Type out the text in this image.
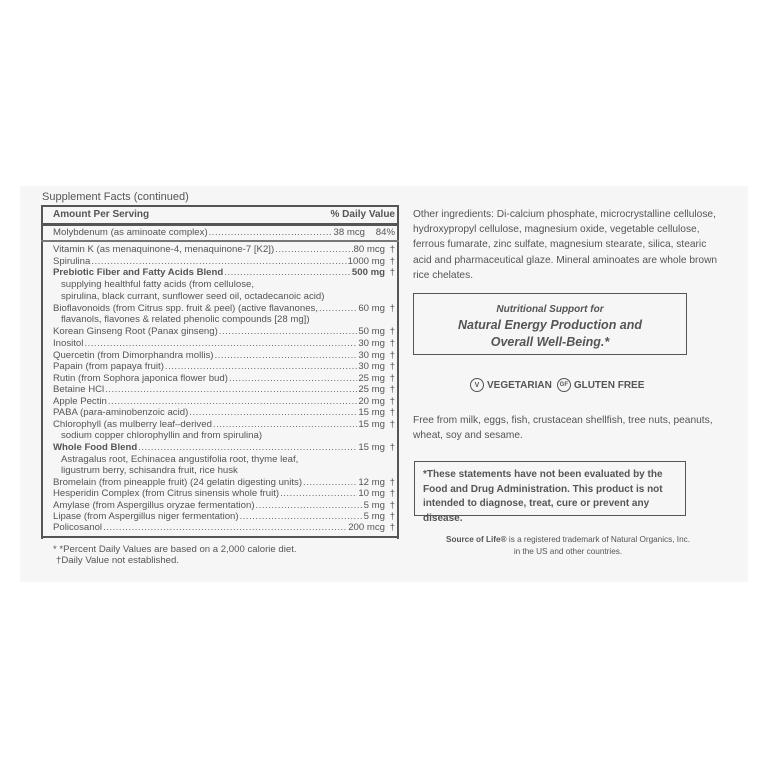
Supplement Facts (continued)
Amount Per Serving	% Daily Value
Molybdenum (as aminoate complex) .....	38 mcg	84%
Vitamin K (as menaquinone-4, menaquinone-7 [K2]) .....	80 mcg †
Spirulina .....	1000 mg †
Prebiotic Fiber and Fatty Acids Blend .....	500 mg †
supplying healthful fatty acids (from cellulose,
spirulina, black currant, sunflower seed oil, octadecanoic acid)
Bioflavonoids (from Citrus spp. fruit & peel) (active flavanones, .....	60 mg †
flavanols, flavones & related phenolic compounds [28 mg])
Korean Ginseng Root (Panax ginseng) .....	50 mg †
Inositol .....	30 mg †
Quercetin (from Dimorphandra mollis) .....	30 mg †
Papain (from papaya fruit) .....	30 mg †
Rutin (from Sophora japonica flower bud) .....	25 mg †
Betaine HCl .....	25 mg †
Apple Pectin .....	20 mg †
PABA (para-aminobenzoic acid) .....	15 mg †
Chlorophyll (as mulberry leaf–derived .....	15 mg †
sodium copper chlorophyllin and from spirulina)
Whole Food Blend .....	15 mg †
Astragalus root, Echinacea angustifolia root, thyme leaf,
ligustrum berry, schisandra fruit, rice husk
Bromelain (from pineapple fruit) (24 gelatin digesting units) .....	12 mg †
Hesperidin Complex (from Citrus sinensis whole fruit) .....	10 mg †
Amylase (from Aspergillus oryzae fermentation) .....	5 mg †
Lipase (from Aspergillus niger fermentation) .....	5 mg †
Policosanol .....	200 mcg †
* *Percent Daily Values are based on a 2,000 calorie diet.
†Daily Value not established.
Other ingredients: Di-calcium phosphate, microcrystalline cellulose, hydroxypropyl cellulose, magnesium oxide, vegetable cellulose, ferrous fumarate, zinc sulfate, magnesium stearate, silica, stearic acid and pharmaceutical glaze. Mineral aminoates are whole brown rice chelates.
Nutritional Support for
Natural Energy Production and
Overall Well-Being.*
V VEGETARIAN	GF GLUTEN FREE
Free from milk, eggs, fish, crustacean shellfish, tree nuts, peanuts, wheat, soy and sesame.
*These statements have not been evaluated by the Food and Drug Administration. This product is not intended to diagnose, treat, cure or prevent any disease.
Source of Life® is a registered trademark of Natural Organics, Inc.
in the US and other countries.
